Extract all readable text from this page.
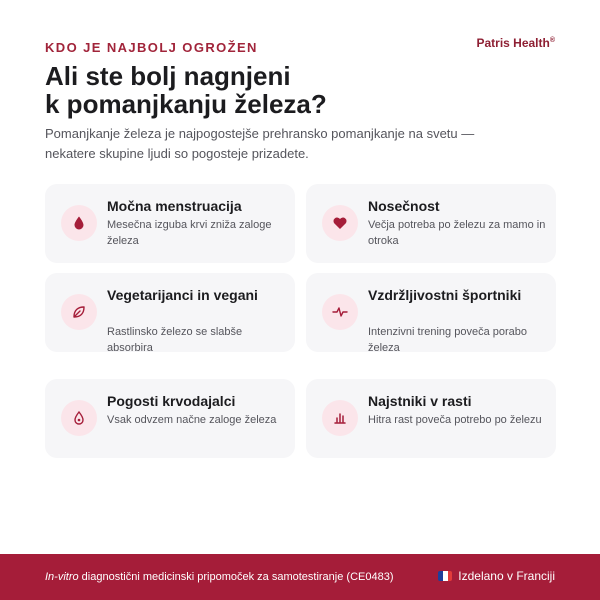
KDO JE NAJBOLJ OGROŽEN	Patris Health®
Ali ste bolj nagnjeni
k pomanjkanju železa?

Pomanjkanje železa je najpogostejše prehransko pomanjkanje na svetu — nekatere skupine ljudi so pogosteje prizadete.

Močna menstruacija
Mesečna izguba krvi zniža zaloge železa
Nosečnost
Večja potreba po železu za mamo in otroka
Vegetarijanci in vegani
Rastlinsko železo se slabše absorbira
Vzdržljivostni športniki
Intenzivni trening poveča porabo železa
Pogosti krvodajalci
Vsak odvzem načne zaloge železa
Najstniki v rasti
Hitra rast poveča potrebo po železu
In-vitro diagnostični medicinski pripomoček za samotestiranje (CE0483)	Izdelano v Franciji
